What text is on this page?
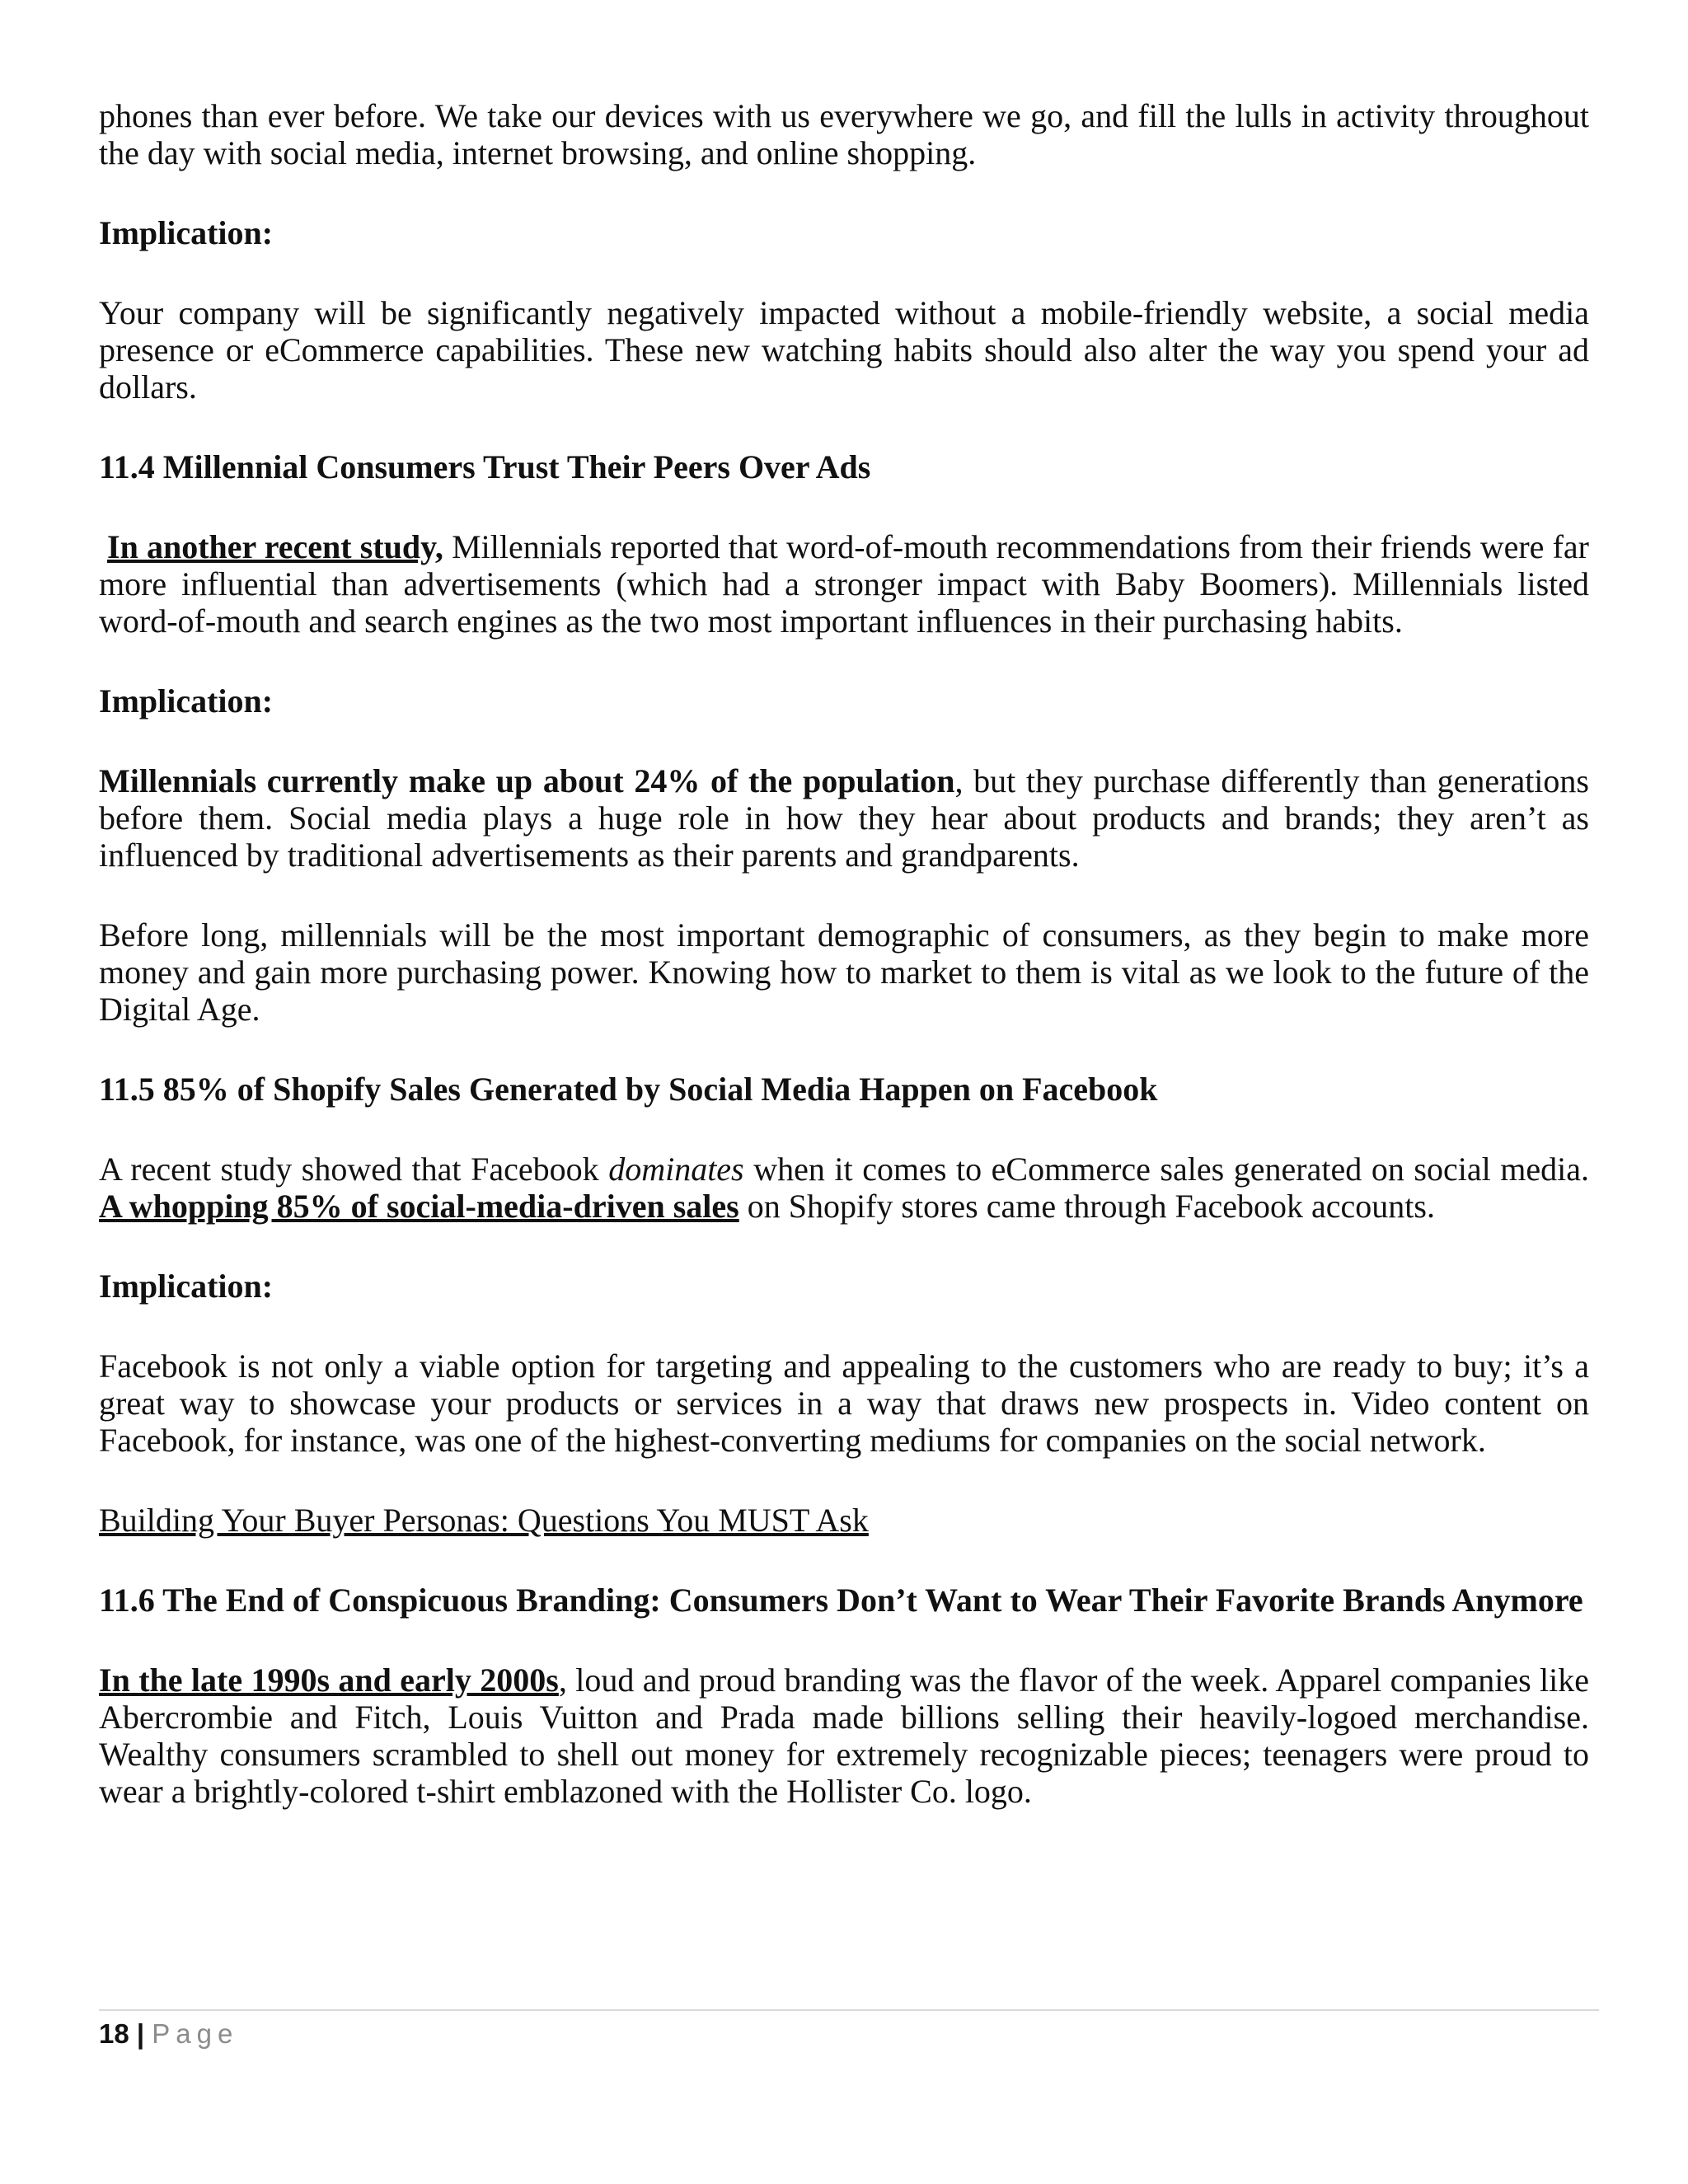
phones than ever before. We take our devices with us everywhere we go, and fill the lulls in activity throughout the day with social media, internet browsing, and online shopping.

Implication:

Your company will be significantly negatively impacted without a mobile-friendly website, a social media presence or eCommerce capabilities. These new watching habits should also alter the way you spend your ad dollars.

11.4 Millennial Consumers Trust Their Peers Over Ads

In another recent study, Millennials reported that word-of-mouth recommendations from their friends were far more influential than advertisements (which had a stronger impact with Baby Boomers). Millennials listed word-of-mouth and search engines as the two most important influences in their purchasing habits.

Implication:

Millennials currently make up about 24% of the population, but they purchase differently than generations before them. Social media plays a huge role in how they hear about products and brands; they aren’t as influenced by traditional advertisements as their parents and grandparents.

Before long, millennials will be the most important demographic of consumers, as they begin to make more money and gain more purchasing power. Knowing how to market to them is vital as we look to the future of the Digital Age.

11.5 85% of Shopify Sales Generated by Social Media Happen on Facebook

A recent study showed that Facebook dominates when it comes to eCommerce sales generated on social media. A whopping 85% of social-media-driven sales on Shopify stores came through Facebook accounts.

Implication:

Facebook is not only a viable option for targeting and appealing to the customers who are ready to buy; it’s a great way to showcase your products or services in a way that draws new prospects in. Video content on Facebook, for instance, was one of the highest-converting mediums for companies on the social network.

Building Your Buyer Personas: Questions You MUST Ask

11.6 The End of Conspicuous Branding: Consumers Don’t Want to Wear Their Favorite Brands Anymore

In the late 1990s and early 2000s, loud and proud branding was the flavor of the week. Apparel companies like Abercrombie and Fitch, Louis Vuitton and Prada made billions selling their heavily-logoed merchandise. Wealthy consumers scrambled to shell out money for extremely recognizable pieces; teenagers were proud to wear a brightly-colored t-shirt emblazoned with the Hollister Co. logo.

18 | Page
